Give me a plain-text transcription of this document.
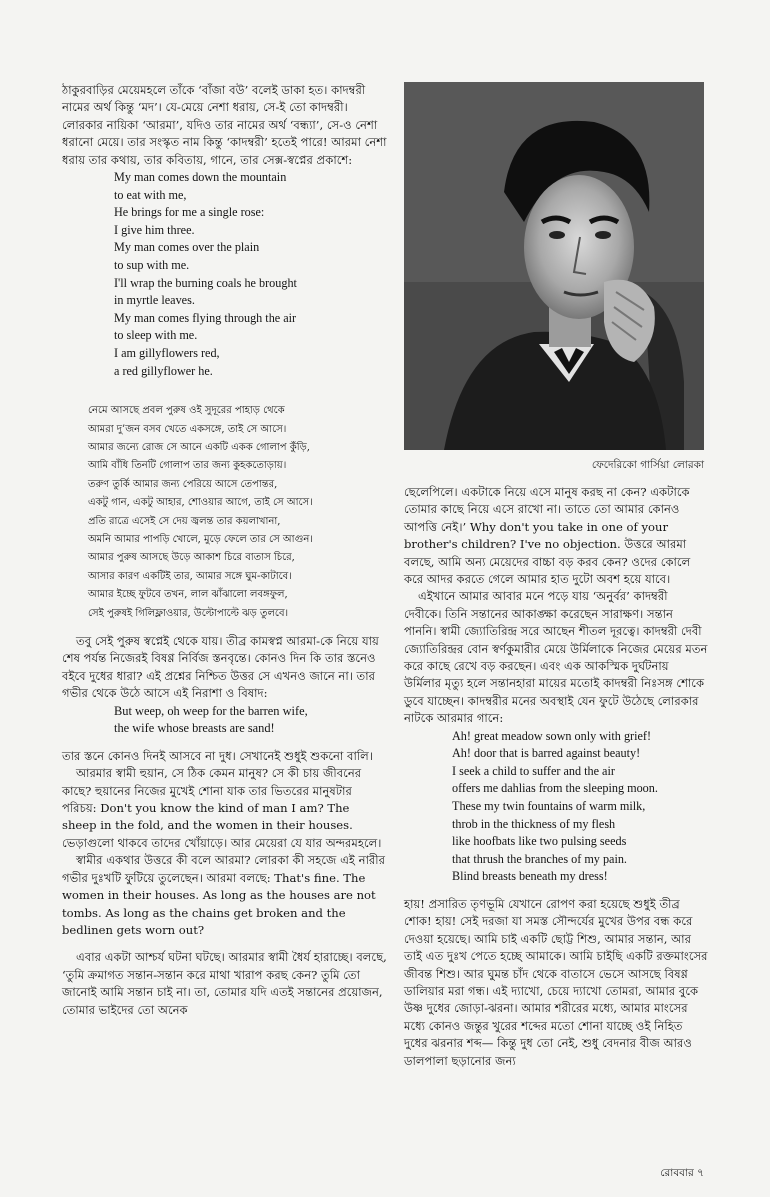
ঠাকুরবাড়ির মেয়েমহলে তাঁকে ‘বাঁজা বউ’ বলেই ডাকা হত। কাদম্বরী নামের অর্থ কিন্তু ‘মদ’। যে-মেয়ে নেশা ধরায়, সে-ই তো কাদম্বরী। লোরকার নায়িকা ‘আরমা’, যদিও তার নামের অর্থ ‘বন্ধ্যা’, সে-ও নেশা ধরানো মেয়ে। তার সংস্কৃত নাম কিন্তু ‘কাদম্বরী’ হতেই পারে! আরমা নেশা ধরায় তার কথায়, তার কবিতায়, গানে, তার সেক্স-স্বপ্নের প্রকাশে:

My man comes down the mountain
to eat with me,
He brings for me a single rose:
I give him three.
My man comes over the plain
to sup with me.
I'll wrap the burning coals he brought
in myrtle leaves.
My man comes flying through the air
to sleep with me.
I am gillyflowers red,
a red gillyflower he.
নেমে আসছে প্রবল পুরুষ ওই সুদূরের পাহাড় থেকে
আমরা দু’জন বসব খেতে একসঙ্গে, তাই সে আসে।
আমার জন্যে রোজ সে আনে একটি একক গোলাপ কুঁড়ি,
আমি বাঁধি তিনটি গোলাপ তার জন্য কুহকতোড়ায়।
তরুণ তুর্কি আমার জন্য পেরিয়ে আসে তেপান্তর,
একটু গান, একটু আহার, শোওয়ার আগে, তাই সে আসে।
প্রতি রাত্রে এসেই সে দেয় জ্বলন্ত তার কয়লাখানা,
অমনি আমার পাপড়ি খোলে, মুড়ে ফেলে তার সে আগুন।
আমার পুরুষ আসছে উড়ে আকাশ চিরে বাতাস চিরে,
আসার কারণ একটিই তার, আমার সঙ্গে ঘুম-কাটাবে।
আমার ইচ্ছে ফুটবে তখন, লাল ঝাঁঝালো লবঙ্গফুল,
সেই পুরুষই গিলিফ্লাওয়ার, উল্টোপাল্টে ঝড় তুলবে।

তবু সেই পুরুষ স্বপ্নেই থেকে যায়। তীব্র কামস্বপ্ন আরমা-কে নিয়ে যায় শেষ পর্যন্ত নিজেরই বিষণ্ণ নির্বিজ স্তনবৃন্তে। কোনও দিন কি তার স্তনেও বইবে দুধের ধারা? এই প্রশ্নের নিশ্চিত উত্তর সে এখনও জানে না। তার গভীর থেকে উঠে আসে এই নিরাশা ও বিষাদ:

But weep, oh weep for the barren wife,
the wife whose breasts are sand!

তার স্তনে কোনও দিনই আসবে না দুধ। সেখানেই শুধুই শুকনো বালি।

আরমার স্বামী হুয়ান, সে ঠিক কেমন মানুষ? সে কী চায় জীবনের কাছে? হুয়ানের নিজের মুখেই শোনা যাক তার ভিতরের মানুষটার পরিচয়: Don't you know the kind of man I am? The sheep in the fold, and the women in their houses. ভেড়াগুলো থাকবে তাদের খোঁয়াড়ে। আর মেয়েরা যে যার অন্দরমহলে।

স্বামীর একথার উত্তরে কী বলে আরমা? লোরকা কী সহজে এই নারীর গভীর দুঃখটি ফুটিয়ে তুলেছেন। আরমা বলছে: That's fine. The women in their houses. As long as the houses are not tombs. As long as the chains get broken and the bedlinen gets worn out?

এবার একটা আশ্চর্য ঘটনা ঘটছে। আরমার স্বামী ধৈর্য হারাচ্ছে। বলছে, ‘তুমি ক্রমাগত সন্তান-সন্তান করে মাথা খারাপ করছ কেন? তুমি তো জানোই আমি সন্তান চাই না। তা, তোমার যদি এতই সন্তানের প্রয়োজন, তোমার ভাইদের তো অনেক

ফেদেরিকো গার্সিয়া লোরকা

ছেলেপিলে। একটাকে নিয়ে এসে মানুষ করছ না কেন? একটাকে তোমার কাছে নিয়ে এসে রাখো না। তাতে তো আমার কোনও আপত্তি নেই।’ Why don't you take in one of your brother's children? I've no objection. উত্তরে আরমা বলছে, আমি অন্য মেয়েদের বাচ্চা বড় করব কেন? ওদের কোলে করে আদর করতে গেলে আমার হাত দুটো অবশ হয়ে যাবে।

এইখানে আমার আবার মনে পড়ে যায় ‘অনুর্বর’ কাদম্বরী দেবীকে। তিনি সন্তানের আকাঙ্ক্ষা করেছেন সারাক্ষণ। সন্তান পাননি। স্বামী জ্যোতিরিন্দ্র সরে আছেন শীতল দূরত্বে। কাদম্বরী দেবী জ্যোতিরিন্দ্রর বোন স্বর্ণকুমারীর মেয়ে উর্মিলাকে নিজের মেয়ের মতন করে কাছে রেখে বড় করছেন। এবং এক আকস্মিক দুর্ঘটনায় উর্মিলার মৃত্যু হলে সন্তানহারা মায়ের মতোই কাদম্বরী নিঃসঙ্গ শোকে ডুবে যাচ্ছেন। কাদম্বরীর মনের অবস্থাই যেন ফুটে উঠেছে লোরকার নাটকে আরমার গানে:

Ah! great meadow sown only with grief!
Ah! door that is barred against beauty!
I seek a child to suffer and the air
offers me dahlias from the sleeping moon.
These my twin fountains of warm milk,
throb in the thickness of my flesh
like hoofbats like two pulsing seeds
that thrush the branches of my pain.
Blind breasts beneath my dress!

হায়! প্রসারিত তৃণভূমি যেখানে রোপণ করা হয়েছে শুধুই তীব্র শোক! হায়! সেই দরজা যা সমস্ত সৌন্দর্যের মুখের উপর বন্ধ করে দেওয়া হয়েছে। আমি চাই একটি ছোট্ট শিশু, আমার সন্তান, আর তাই এত দুঃখ পেতে হচ্ছে আমাকে। আমি চাইছি একটি রক্তমাংসের জীবন্ত শিশু। আর ঘুমন্ত চাঁদ থেকে বাতাসে ভেসে আসছে বিষণ্ণ ডালিয়ার মরা গন্ধ। এই দ্যাখো, চেয়ে দ্যাখো তোমরা, আমার বুকে উষ্ণ দুধের জোড়া-ঝরনা। আমার শরীরের মধ্যে, আমার মাংসের মধ্যে কোনও জন্তুর খুরের শব্দের মতো শোনা যাচ্ছে ওই নিহিত দুধের ঝরনার শব্দ— কিন্তু দুধ তো নেই, শুধু বেদনার বীজ আরও ডালপালা ছড়ানোর জন্য

রোববার ৭
